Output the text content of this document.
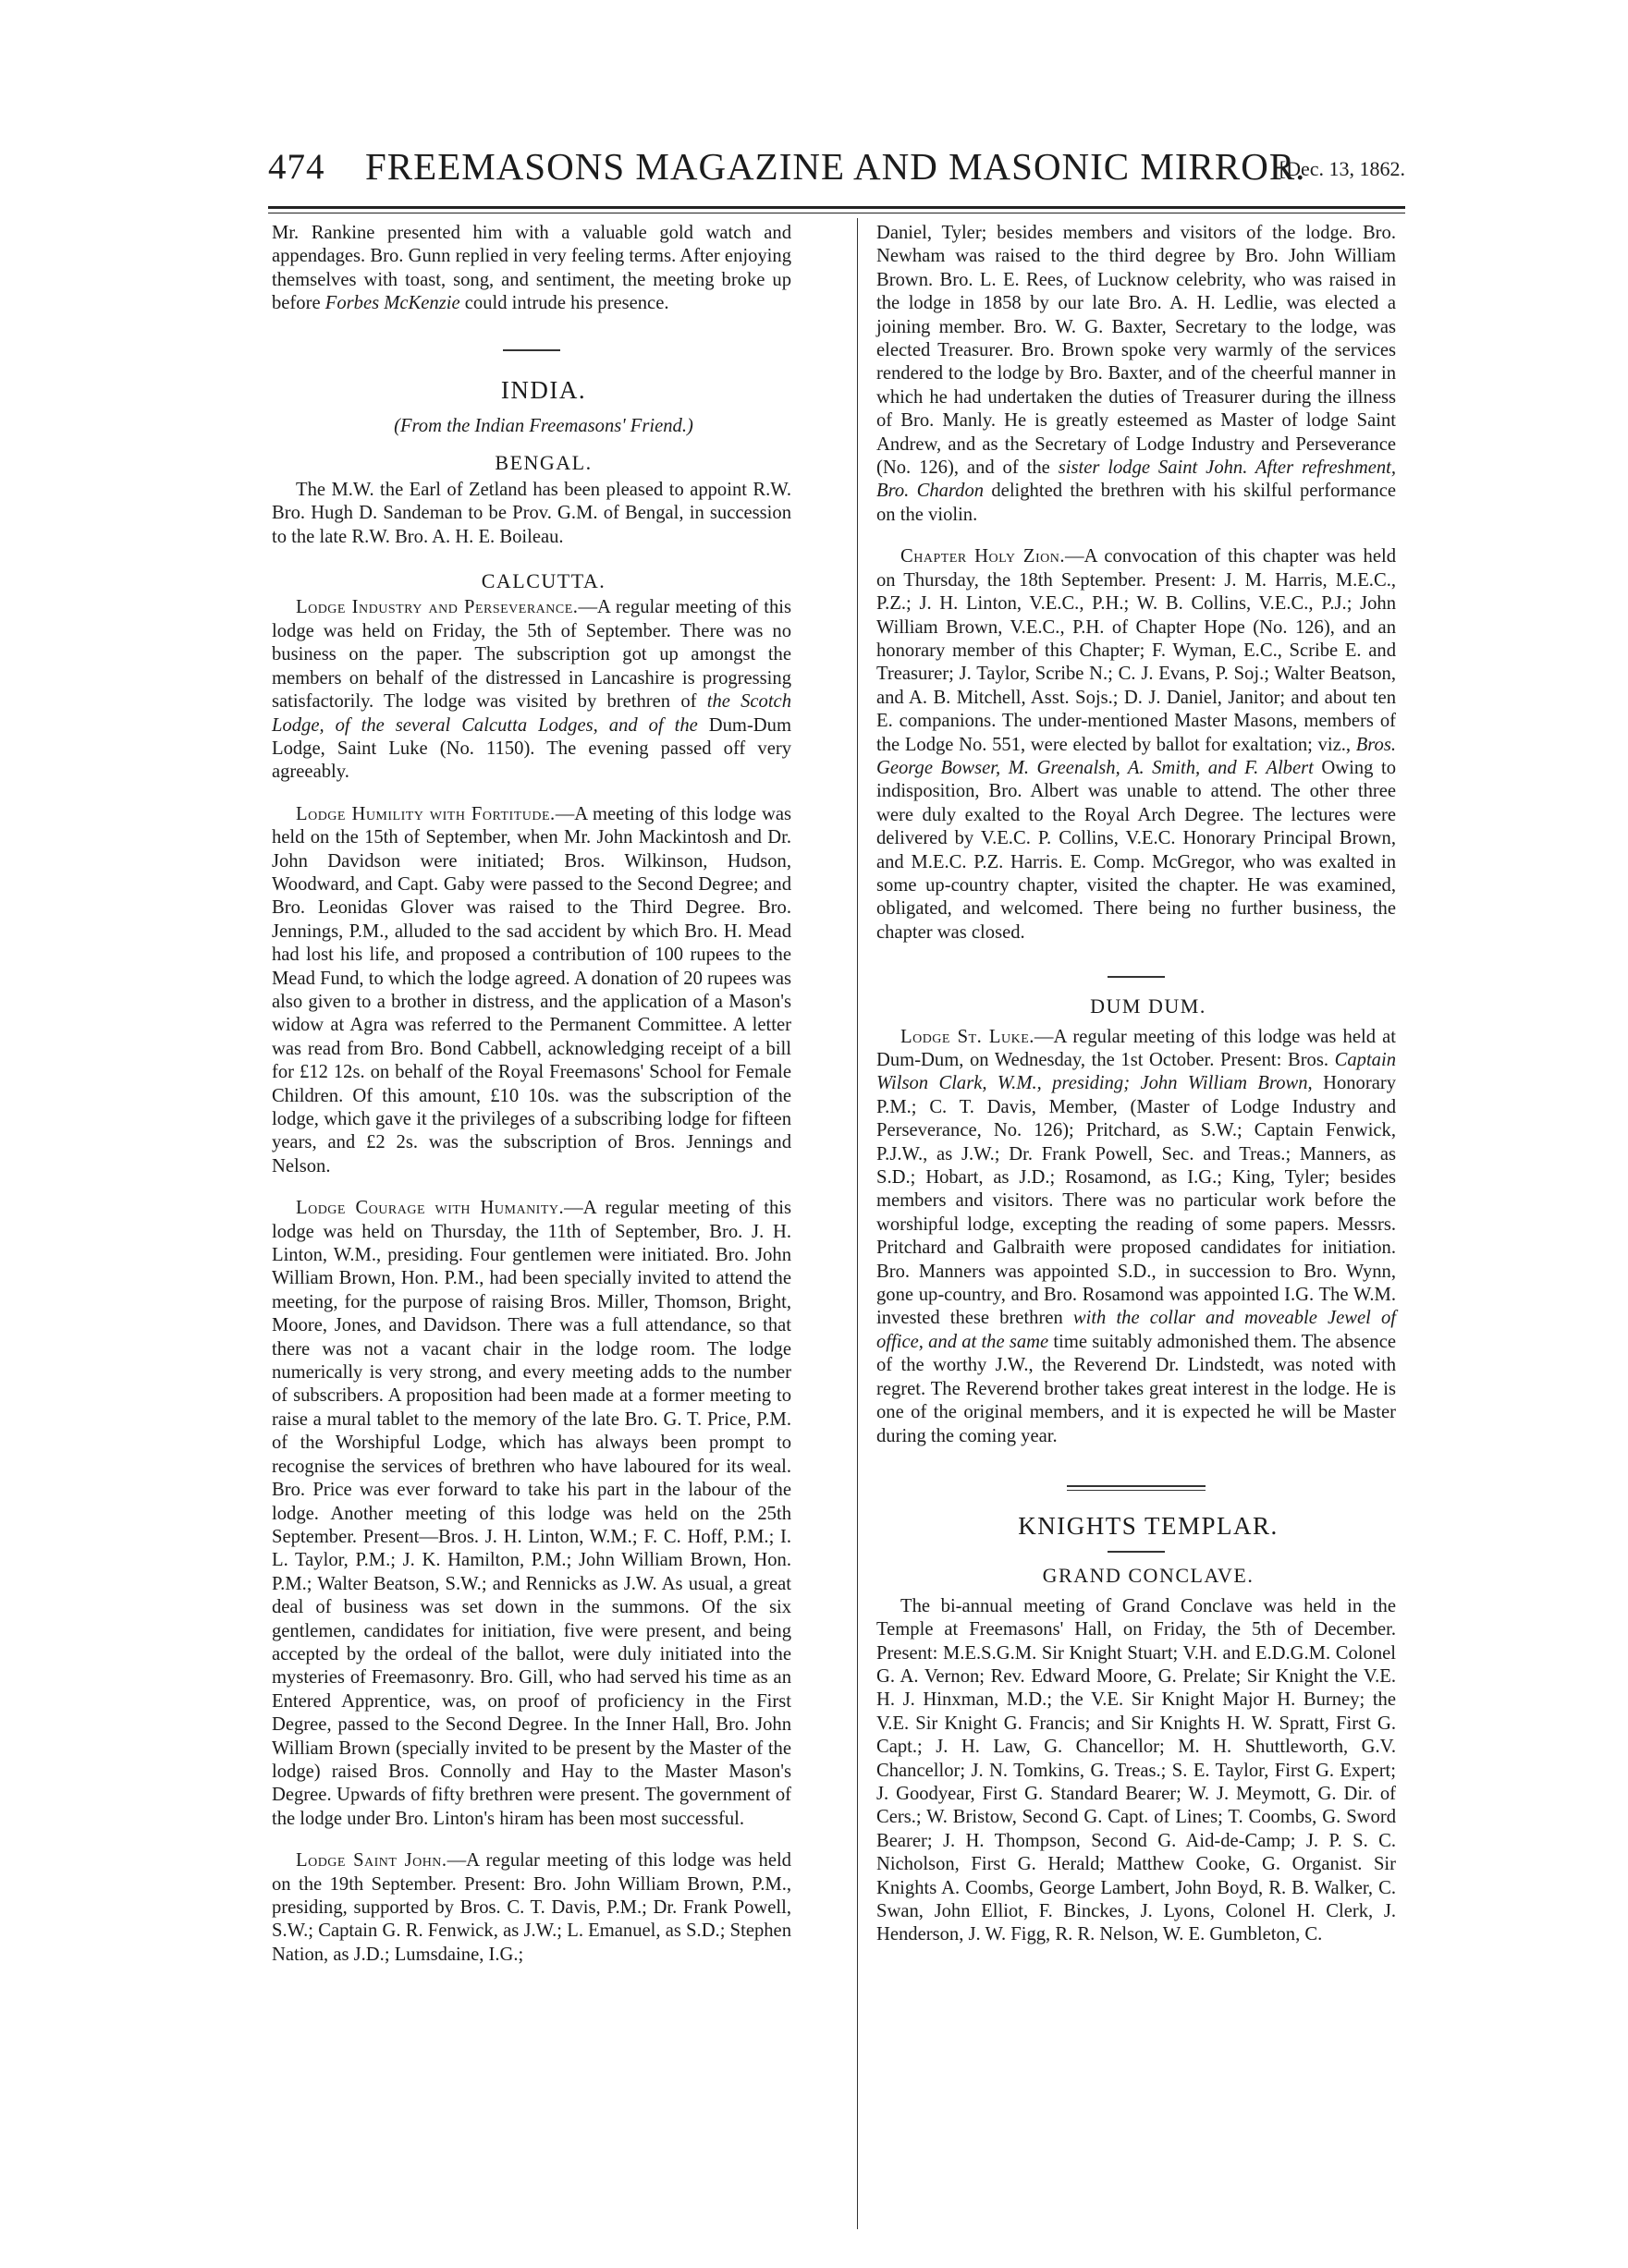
474 FREEMASONS MAGAZINE AND MASONIC MIRROR.
[Dec. 13, 1862.

Mr. Rankine presented him with a valuable gold watch and appendages. Bro. Gunn replied in very feeling terms. After enjoying themselves with toast, song, and sentiment, the meeting broke up before Forbes McKenzie could intrude his presence.

INDIA.

(From the Indian Freemasons' Friend.)

BENGAL.

The M.W. the Earl of Zetland has been pleased to appoint R.W. Bro. Hugh D. Sandeman to be Prov. G.M. of Bengal, in succession to the late R.W. Bro. A. H. E. Boileau.

CALCUTTA.

Lodge Industry and Perseverance.—A regular meeting of this lodge was held on Friday, the 5th of September. There was no business on the paper. The subscription got up amongst the members on behalf of the distressed in Lancashire is progressing satisfactorily. The lodge was visited by brethren of the Scotch Lodge, of the several Calcutta Lodges, and of the Dum-Dum Lodge, Saint Luke (No. 1150). The evening passed off very agreeably.

Lodge Humility with Fortitude.—A meeting of this lodge was held on the 15th of September, when Mr. John Mackintosh and Dr. John Davidson were initiated; Bros. Wilkinson, Hudson, Woodward, and Capt. Gaby were passed to the Second Degree; and Bro. Leonidas Glover was raised to the Third Degree. Bro. Jennings, P.M., alluded to the sad accident by which Bro. H. Mead had lost his life, and proposed a contribution of 100 rupees to the Mead Fund, to which the lodge agreed. A donation of 20 rupees was also given to a brother in distress, and the application of a Mason's widow at Agra was referred to the Permanent Committee. A letter was read from Bro. Bond Cabbell, acknowledging receipt of a bill for £12 12s. on behalf of the Royal Freemasons' School for Female Children. Of this amount, £10 10s. was the subscription of the lodge, which gave it the privileges of a subscribing lodge for fifteen years, and £2 2s. was the subscription of Bros. Jennings and Nelson.

Lodge Courage with Humanity.—A regular meeting of this lodge was held on Thursday, the 11th of September, Bro. J. H. Linton, W.M., presiding. Four gentlemen were initiated. Bro. John William Brown, Hon. P.M., had been specially invited to attend the meeting, for the purpose of raising Bros. Miller, Thomson, Bright, Moore, Jones, and Davidson. There was a full attendance, so that there was not a vacant chair in the lodge room. The lodge numerically is very strong, and every meeting adds to the number of subscribers. A proposition had been made at a former meeting to raise a mural tablet to the memory of the late Bro. G. T. Price, P.M. of the Worshipful Lodge, which has always been prompt to recognise the services of brethren who have laboured for its weal. Bro. Price was ever forward to take his part in the labour of the lodge. Another meeting of this lodge was held on the 25th September. Present—Bros. J. H. Linton, W.M.; F. C. Hoff, P.M.; I. L. Taylor, P.M.; J. K. Hamilton, P.M.; John William Brown, Hon. P.M.; Walter Beatson, S.W.; and Rennicks as J.W. As usual, a great deal of business was set down in the summons. Of the six gentlemen, candidates for initiation, five were present, and being accepted by the ordeal of the ballot, were duly initiated into the mysteries of Freemasonry. Bro. Gill, who had served his time as an Entered Apprentice, was, on proof of proficiency in the First Degree, passed to the Second Degree. In the Inner Hall, Bro. John William Brown (specially invited to be present by the Master of the lodge) raised Bros. Connolly and Hay to the Master Mason's Degree. Upwards of fifty brethren were present. The government of the lodge under Bro. Linton's hiram has been most successful.

Lodge Saint John.—A regular meeting of this lodge was held on the 19th September. Present: Bro. John William Brown, P.M., presiding, supported by Bros. C. T. Davis, P.M.; Dr. Frank Powell, S.W.; Captain G. R. Fenwick, as J.W.; L. Emanuel, as S.D.; Stephen Nation, as J.D.; Lumsdaine, I.G.;

Daniel, Tyler; besides members and visitors of the lodge. Bro. Newham was raised to the third degree by Bro. John William Brown. Bro. L. E. Rees, of Lucknow celebrity, who was raised in the lodge in 1858 by our late Bro. A. H. Ledlie, was elected a joining member. Bro. W. G. Baxter, Secretary to the lodge, was elected Treasurer. Bro. Brown spoke very warmly of the services rendered to the lodge by Bro. Baxter, and of the cheerful manner in which he had undertaken the duties of Treasurer during the illness of Bro. Manly. He is greatly esteemed as Master of lodge Saint Andrew, and as the Secretary of Lodge Industry and Perseverance (No. 126), and of the sister lodge Saint John. After refreshment, Bro. Chardon delighted the brethren with his skilful performance on the violin.

Chapter Holy Zion.—A convocation of this chapter was held on Thursday, the 18th September. Present: J. M. Harris, M.E.C., P.Z.; J. H. Linton, V.E.C., P.H.; W. B. Collins, V.E.C., P.J.; John William Brown, V.E.C., P.H. of Chapter Hope (No. 126), and an honorary member of this Chapter; F. Wyman, E.C., Scribe E. and Treasurer; J. Taylor, Scribe N.; C. J. Evans, P. Soj.; Walter Beatson, and A. B. Mitchell, Asst. Sojs.; D. J. Daniel, Janitor; and about ten E. companions. The under-mentioned Master Masons, members of the Lodge No. 551, were elected by ballot for exaltation; viz., Bros. George Bowser, M. Greenalsh, A. Smith, and F. Albert Owing to indisposition, Bro. Albert was unable to attend. The other three were duly exalted to the Royal Arch Degree. The lectures were delivered by V.E.C. P. Collins, V.E.C. Honorary Principal Brown, and M.E.C. P.Z. Harris. E. Comp. McGregor, who was exalted in some up-country chapter, visited the chapter. He was examined, obligated, and welcomed. There being no further business, the chapter was closed.

DUM DUM.

Lodge St. Luke.—A regular meeting of this lodge was held at Dum-Dum, on Wednesday, the 1st October. Present: Bros. Captain Wilson Clark, W.M., presiding; John William Brown, Honorary P.M.; C. T. Davis, Member, (Master of Lodge Industry and Perseverance, No. 126); Pritchard, as S.W.; Captain Fenwick, P.J.W., as J.W.; Dr. Frank Powell, Sec. and Treas.; Manners, as S.D.; Hobart, as J.D.; Rosamond, as I.G.; King, Tyler; besides members and visitors. There was no particular work before the worshipful lodge, excepting the reading of some papers. Messrs. Pritchard and Galbraith were proposed candidates for initiation. Bro. Manners was appointed S.D., in succession to Bro. Wynn, gone up-country, and Bro. Rosamond was appointed I.G. The W.M. invested these brethren with the collar and moveable Jewel of office, and at the same time suitably admonished them. The absence of the worthy J.W., the Reverend Dr. Lindstedt, was noted with regret. The Reverend brother takes great interest in the lodge. He is one of the original members, and it is expected he will be Master during the coming year.

KNIGHTS TEMPLAR.

GRAND CONCLAVE.

The bi-annual meeting of Grand Conclave was held in the Temple at Freemasons' Hall, on Friday, the 5th of December. Present: M.E.S.G.M. Sir Knight Stuart; V.H. and E.D.G.M. Colonel G. A. Vernon; Rev. Edward Moore, G. Prelate; Sir Knight the V.E. H. J. Hinxman, M.D.; the V.E. Sir Knight Major H. Burney; the V.E. Sir Knight G. Francis; and Sir Knights H. W. Spratt, First G. Capt.; J. H. Law, G. Chancellor; M. H. Shuttleworth, G.V. Chancellor; J. N. Tomkins, G. Treas.; S. E. Taylor, First G. Expert; J. Goodyear, First G. Standard Bearer; W. J. Meymott, G. Dir. of Cers.; W. Bristow, Second G. Capt. of Lines; T. Coombs, G. Sword Bearer; J. H. Thompson, Second G. Aid-de-Camp; J. P. S. C. Nicholson, First G. Herald; Matthew Cooke, G. Organist. Sir Knights A. Coombs, George Lambert, John Boyd, R. B. Walker, C. Swan, John Elliot, F. Binckes, J. Lyons, Colonel H. Clerk, J. Henderson, J. W. Figg, R. R. Nelson, W. E. Gumbleton, C.
